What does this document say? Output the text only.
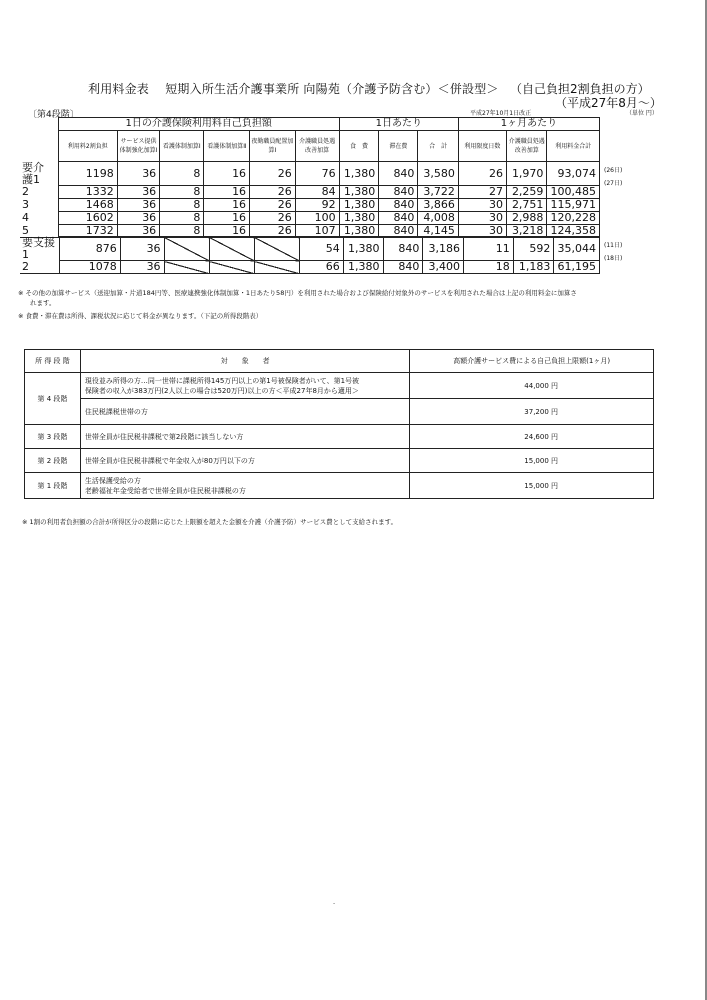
利用料金表　 短期入所生活介護事業所 向陽苑（介護予防含む）＜併設型＞ （自己負担2割負担の方）
（平成27年8月～）
〔第4段階〕	平成27年10月1日改正	（単位 円）
	1日の介護保険利用料自己負担額						1日あたり			1ヶ月あたり		
	利用料2割負担	サービス提供体制強化加算Ⅰ	看護体制加算Ⅰ	看護体制加算Ⅱ	夜勤職員配置加算Ⅰ	介護職員処遇改善加算	食　費	滞在費	合　計	利用限度日数	介護職員処遇改善加算	利用料金合計
要介護1	1198	36	8	16	26	76	1,380	840	3,580	26	1,970	93,074
2	1332	36	8	16	26	84	1,380	840	3,722	27	2,259	100,485
3	1468	36	8	16	26	92	1,380	840	3,866	30	2,751	115,971
4	1602	36	8	16	26	100	1,380	840	4,008	30	2,988	120,228
5	1732	36	8	16	26	107	1,380	840	4,145	30	3,218	124,358
要支援1	876	36				54	1,380	840	3,186	11	592	35,044
2	1078	36				66	1,380	840	3,400	18	1,183	61,195
(26日)
(27日)
(11日)
(18日)
※ その他の加算サービス（送迎加算・片道184円等、医療連携強化体制加算・1日あたり58円）を利用された場合および保険給付対象外のサービスを利用された場合は上記の利用料金に加算さ
れます。
※ 食費・滞在費は所得、課税状況に応じて料金が異なります。（下記の所得段階表）
所 得 段 階	対　　象　　者	高額介護サービス費による自己負担上限額(1ヶ月)
第 4 段階	現役並み所得の方…同一世帯に課税所得145万円以上の第1号被保険者がいて、第1号被
保険者の収入が383万円(2人以上の場合は520万円)以上の方＜平成27年8月から適用＞	44,000 円
	住民税課税世帯の方	37,200 円
第 3 段階	世帯全員が住民税非課税で第2段階に該当しない方	24,600 円
第 2 段階	世帯全員が住民税非課税で年金収入が80万円以下の方	15,000 円
第 1 段階	生活保護受給の方
老齢福祉年金受給者で世帯全員が住民税非課税の方	15,000 円
※ 1割の利用者負担額の合計が所得区分の段階に応じた上限額を超えた金額を介護（介護予防）サービス費として支給されます。
-
